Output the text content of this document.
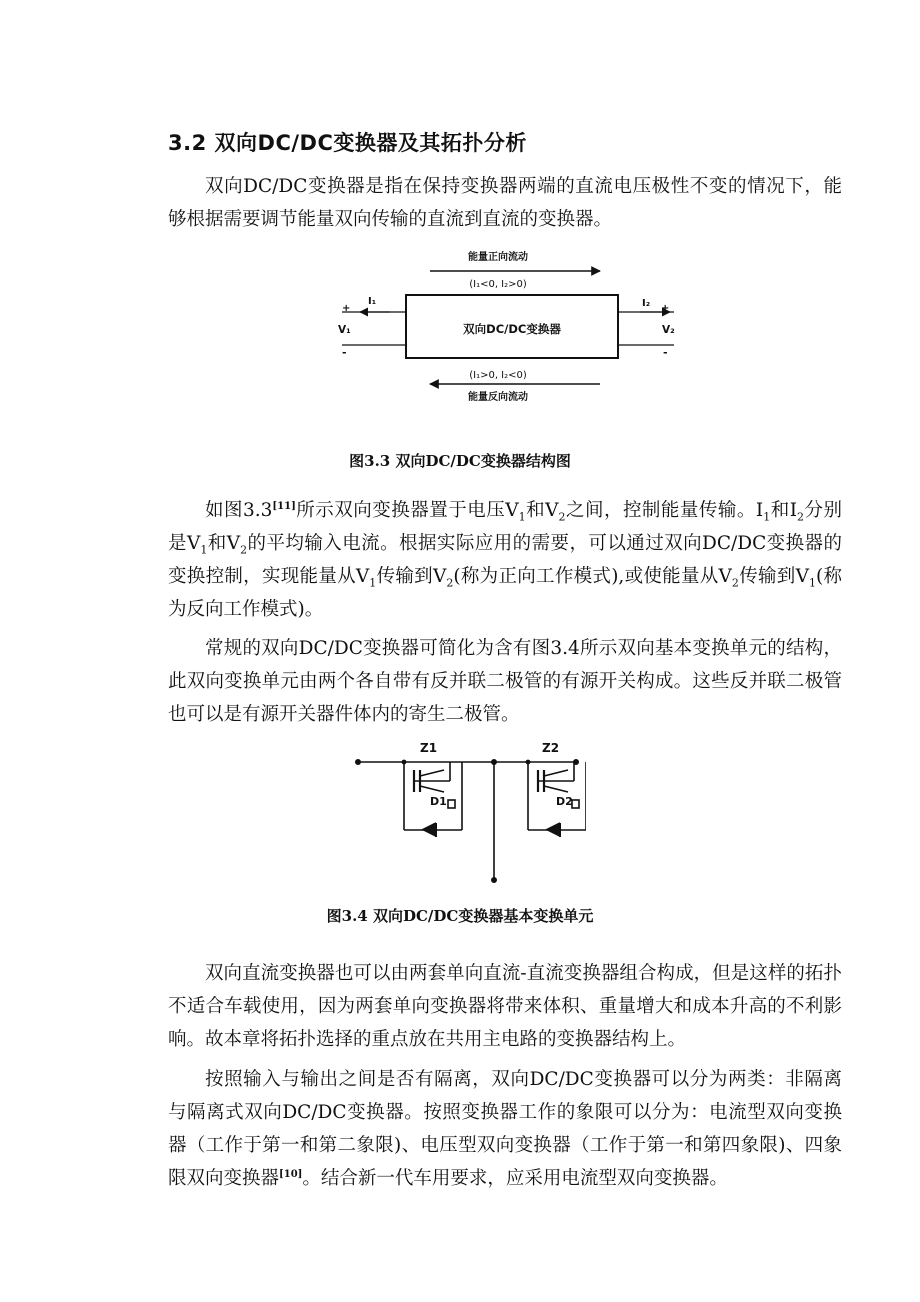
3.2 双向DC/DC变换器及其拓扑分析

双向DC/DC变换器是指在保持变换器两端的直流电压极性不变的情况下，能够根据需要调节能量双向传输的直流到直流的变换器。

能量正向流动
(I₁<0, I₂>0)
双向DC/DC变换器
+
I₁
V₁
-
I₂ +
V₂
-
(I₁>0, I₂<0)
能量反向流动

图3.3 双向DC/DC变换器结构图

如图3.3[11]所示双向变换器置于电压$V_1$和$V_2$之间，控制能量传输。$I_1$和$I_2$分别是$V_1$和$V_2$的平均输入电流。根据实际应用的需要，可以通过双向DC/DC变换器的变换控制，实现能量从$V_1$传输到$V_2$(称为正向工作模式),或使能量从$V_2$传输到$V_1$(称为反向工作模式)。

常规的双向DC/DC变换器可简化为含有图3.4所示双向基本变换单元的结构，此双向变换单元由两个各自带有反并联二极管的有源开关构成。这些反并联二极管也可以是有源开关器件体内的寄生二极管。

Z1
D1
Z2
D2

图3.4 双向DC/DC变换器基本变换单元

双向直流变换器也可以由两套单向直流-直流变换器组合构成，但是这样的拓扑不适合车载使用，因为两套单向变换器将带来体积、重量增大和成本升高的不利影响。故本章将拓扑选择的重点放在共用主电路的变换器结构上。

按照输入与输出之间是否有隔离，双向DC/DC变换器可以分为两类：非隔离与隔离式双向DC/DC变换器。按照变换器工作的象限可以分为：电流型双向变换器（工作于第一和第二象限)、电压型双向变换器（工作于第一和第四象限)、四象限双向变换器[10]。结合新一代车用要求，应采用电流型双向变换器。
